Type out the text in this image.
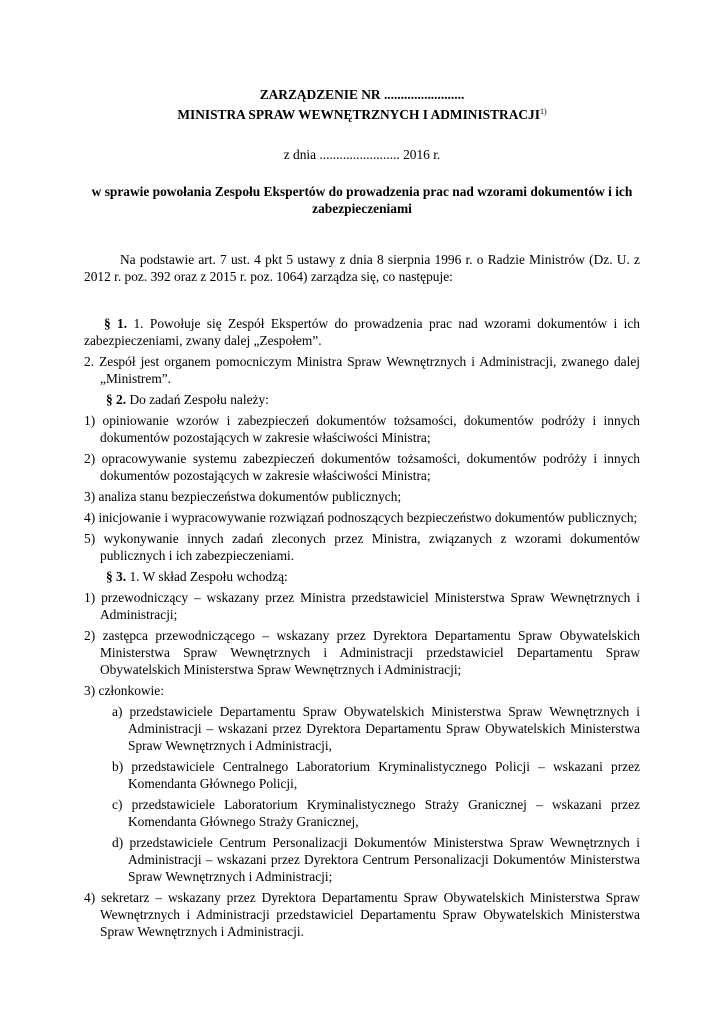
ZARZĄDZENIE NR ........................

MINISTRA SPRAW WEWNĘTRZNYCH I ADMINISTRACJI$^{1)}$

z dnia ........................ 2016 r.

w sprawie powołania Zespołu Ekspertów do prowadzenia prac nad wzorami dokumentów i ich zabezpieczeniami

Na podstawie art. 7 ust. 4 pkt 5 ustawy z dnia 8 sierpnia 1996 r. o Radzie Ministrów (Dz. U. z 2012 r. poz. 392 oraz z 2015 r. poz. 1064) zarządza się, co następuje:

§ 1. 1. Powołuje się Zespół Ekspertów do prowadzenia prac nad wzorami dokumentów i ich zabezpieczeniami, zwany dalej „Zespołem”.

2. Zespół jest organem pomocniczym Ministra Spraw Wewnętrznych i Administracji, zwanego dalej „Ministrem”.

§ 2. Do zadań Zespołu należy:

1) opiniowanie wzorów i zabezpieczeń dokumentów tożsamości, dokumentów podróży i innych dokumentów pozostających w zakresie właściwości Ministra;

2) opracowywanie systemu zabezpieczeń dokumentów tożsamości, dokumentów podróży i innych dokumentów pozostających w zakresie właściwości Ministra;

3) analiza stanu bezpieczeństwa dokumentów publicznych;

4) inicjowanie i wypracowywanie rozwiązań podnoszących bezpieczeństwo dokumentów publicznych;

5) wykonywanie innych zadań zleconych przez Ministra, związanych z wzorami dokumentów publicznych i ich zabezpieczeniami.

§ 3. 1. W skład Zespołu wchodzą:

1) przewodniczący – wskazany przez Ministra przedstawiciel Ministerstwa Spraw Wewnętrznych i Administracji;

2) zastępca przewodniczącego – wskazany przez Dyrektora Departamentu Spraw Obywatelskich Ministerstwa Spraw Wewnętrznych i Administracji przedstawiciel Departamentu Spraw Obywatelskich Ministerstwa Spraw Wewnętrznych i Administracji;

3) członkowie:

a) przedstawiciele Departamentu Spraw Obywatelskich Ministerstwa Spraw Wewnętrznych i Administracji – wskazani przez Dyrektora Departamentu Spraw Obywatelskich Ministerstwa Spraw Wewnętrznych i Administracji,

b) przedstawiciele Centralnego Laboratorium Kryminalistycznego Policji – wskazani przez Komendanta Głównego Policji,

c) przedstawiciele Laboratorium Kryminalistycznego Straży Granicznej – wskazani przez Komendanta Głównego Straży Granicznej,

d) przedstawiciele Centrum Personalizacji Dokumentów Ministerstwa Spraw Wewnętrznych i Administracji – wskazani przez Dyrektora Centrum Personalizacji Dokumentów Ministerstwa Spraw Wewnętrznych i Administracji;

4) sekretarz – wskazany przez Dyrektora Departamentu Spraw Obywatelskich Ministerstwa Spraw Wewnętrznych i Administracji przedstawiciel Departamentu Spraw Obywatelskich Ministerstwa Spraw Wewnętrznych i Administracji.
